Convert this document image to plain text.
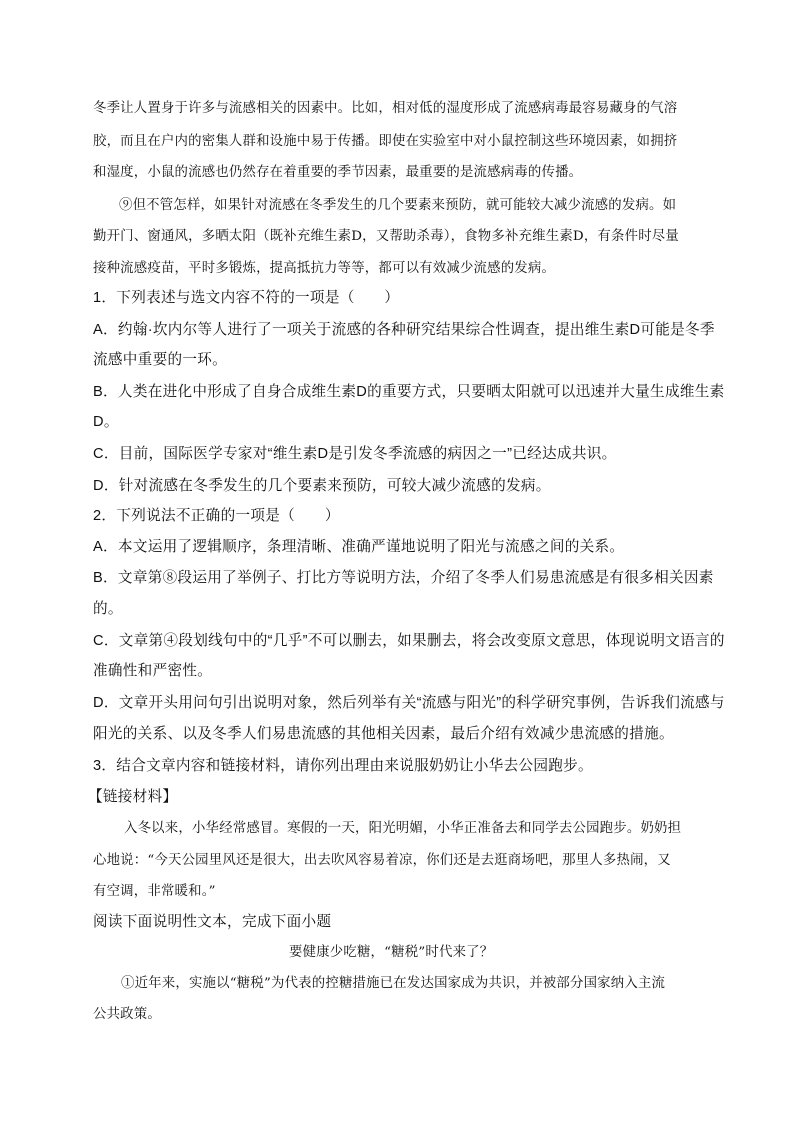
冬季让人置身于许多与流感相关的因素中。比如，相对低的湿度形成了流感病毒最容易藏身的气溶
胶，而且在户内的密集人群和设施中易于传播。即使在实验室中对小鼠控制这些环境因素，如拥挤
和湿度，小鼠的流感也仍然存在着重要的季节因素，最重要的是流感病毒的传播。
⑨但不管怎样，如果针对流感在冬季发生的几个要素来预防，就可能较大减少流感的发病。如
勤开门、窗通风，多晒太阳（既补充维生素D，又帮助杀毒），食物多补充维生素D，有条件时尽量
接种流感疫苗，平时多锻炼，提高抵抗力等等，都可以有效减少流感的发病。
1．下列表述与选文内容不符的一项是（　　）
A．约翰·坎内尔等人进行了一项关于流感的各种研究结果综合性调查，提出维生素D可能是冬季
流感中重要的一环。
B．人类在进化中形成了自身合成维生素D的重要方式，只要晒太阳就可以迅速并大量生成维生素
D。
C．目前，国际医学专家对“维生素D是引发冬季流感的病因之一”已经达成共识。
D．针对流感在冬季发生的几个要素来预防，可较大减少流感的发病。
2．下列说法不正确的一项是（　　）
A．本文运用了逻辑顺序，条理清晰、准确严谨地说明了阳光与流感之间的关系。
B．文章第⑧段运用了举例子、打比方等说明方法，介绍了冬季人们易患流感是有很多相关因素
的。
C．文章第④段划线句中的“几乎”不可以删去，如果删去，将会改变原文意思，体现说明文语言的
准确性和严密性。
D．文章开头用问句引出说明对象，然后列举有关“流感与阳光”的科学研究事例，告诉我们流感与
阳光的关系、以及冬季人们易患流感的其他相关因素，最后介绍有效减少患流感的措施。
3．结合文章内容和链接材料，请你列出理由来说服奶奶让小华去公园跑步。
【链接材料】
入冬以来，小华经常感冒。寒假的一天，阳光明媚，小华正准备去和同学去公园跑步。奶奶担
心地说：“今天公园里风还是很大，出去吹风容易着凉，你们还是去逛商场吧，那里人多热闹，又
有空调，非常暖和。”
阅读下面说明性文本，完成下面小题
要健康少吃糖，“糖税”时代来了？
①近年来，实施以“糖税”为代表的控糖措施已在发达国家成为共识，并被部分国家纳入主流
公共政策。
